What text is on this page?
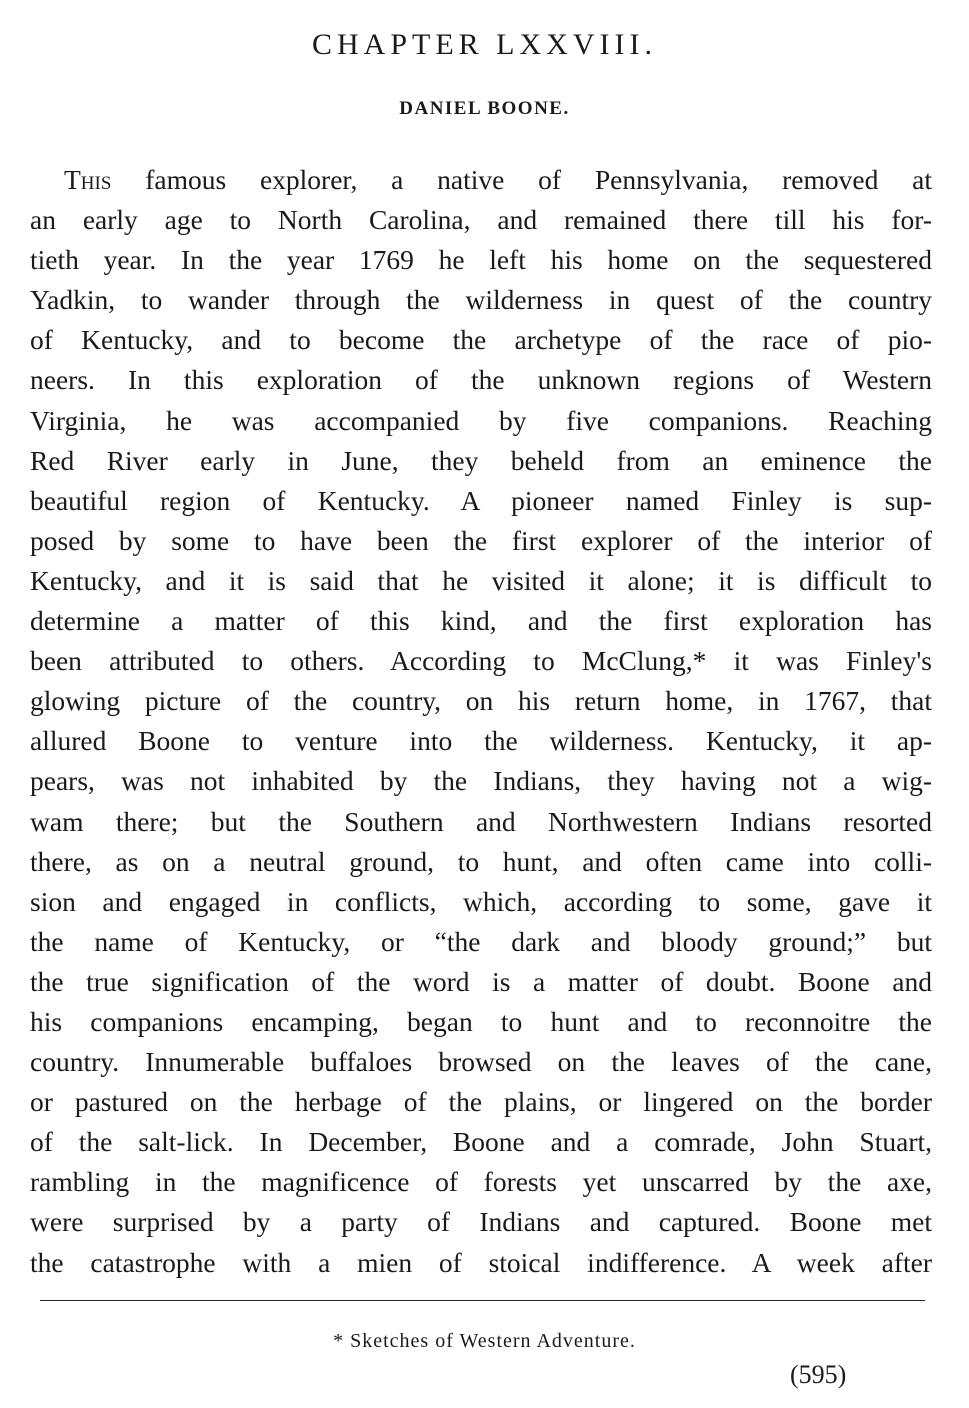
CHAPTER LXXVIII.
DANIEL BOONE.
This famous explorer, a native of Pennsylvania, removed at
an early age to North Carolina, and remained there till his for-
tieth year. In the year 1769 he left his home on the sequestered
Yadkin, to wander through the wilderness in quest of the country
of Kentucky, and to become the archetype of the race of pio-
neers. In this exploration of the unknown regions of Western
Virginia, he was accompanied by five companions. Reaching
Red River early in June, they beheld from an eminence the
beautiful region of Kentucky. A pioneer named Finley is sup-
posed by some to have been the first explorer of the interior of
Kentucky, and it is said that he visited it alone; it is difficult to
determine a matter of this kind, and the first exploration has
been attributed to others. According to McClung,* it was Finley's
glowing picture of the country, on his return home, in 1767, that
allured Boone to venture into the wilderness. Kentucky, it ap-
pears, was not inhabited by the Indians, they having not a wig-
wam there; but the Southern and Northwestern Indians resorted
there, as on a neutral ground, to hunt, and often came into colli-
sion and engaged in conflicts, which, according to some, gave it
the name of Kentucky, or “the dark and bloody ground;” but
the true signification of the word is a matter of doubt. Boone and
his companions encamping, began to hunt and to reconnoitre the
country. Innumerable buffaloes browsed on the leaves of the cane,
or pastured on the herbage of the plains, or lingered on the border
of the salt-lick. In December, Boone and a comrade, John Stuart,
rambling in the magnificence of forests yet unscarred by the axe,
were surprised by a party of Indians and captured. Boone met
the catastrophe with a mien of stoical indifference. A week after

* Sketches of Western Adventure.

(595)
